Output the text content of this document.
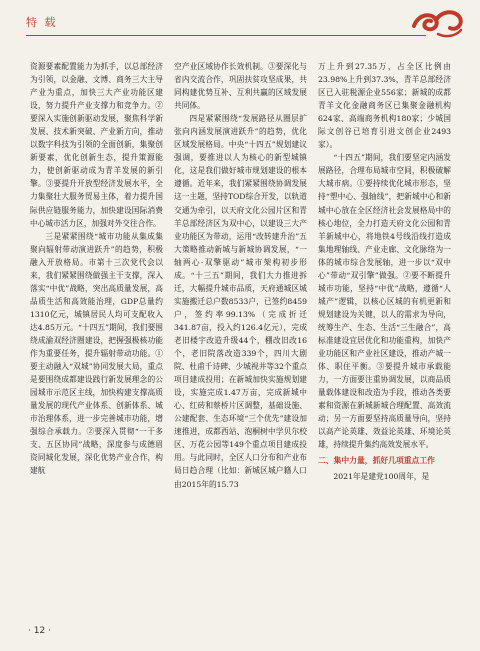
特 载

资源要素配置能力为抓手，以总部经济为引领，以金融、文博、商务三大主导产业为重点，加快三大产业功能区建设，努力提升产业支撑力和竞争力。②要深入实施创新驱动发展，聚焦科学新发展、技术新突破、产业新方向，推动以数字科技为引领的全面创新，集聚创新要素，优化创新生态，提升策源能力，使创新驱动成为青羊发展的新引擎。③要提升开放型经济发展水平，全力集聚壮大服务贸易主体，着力提升国际供应链服务能力，加快建设国际消费中心城市活力区，加强对外交往合作。

三是紧紧围绕“城市功能从集成集聚向辐射带动演进跃升”的趋势，积极融入开放格局。市第十三次党代会以来，我们紧紧围绕做强主干支撑，深入落实“中优”战略，突出高质量发展，高品质生活和高效能治理，GDP总量约1310亿元，城镇居民人均可支配收入达4.85万元。“十四五”期间，我们要围绕成渝双经济圈建设，把握强极核功能作为重要任务，提升辐射带动功能。①要主动融入“双城”协同发展大局，重点是要围绕成都建设践行新发展理念的公园城市示范区主线，加快构建支撑高质量发展的现代产业体系、创新体系、城市治理体系，进一步完善城市功能，增强综合承载力。②要深入贯彻“一干多支、五区协同”战略，深度参与成德眉资同城化发展，深化优势产业合作，构建航

空产业区域协作长效机制。③要深化与省内交流合作，巩固扶贫攻坚成果，共同构建优势互补、互利共赢的区域发展共同体。

四是紧紧围绕“发展路径从圈层扩张向内涵发展演进跃升”的趋势，优化区域发展格局。中央“十四五”规划建议强调，要推进以人为核心的新型城镇化，这是我们做好城市规划建设的根本遵循。近年来，我们紧紧围绕协调发展这一主题，坚持TOD综合开发，以轨道交通为牵引，以天府文化公园片区和青羊总部经济区为双中心，以建设三大产业功能区为带动，运用“改转建升治”五大策略推动新城与新城协调发展，“一轴两心·双擎驱动”城市架构初步形成。“十三五”期间，我们大力推进拆迁，大幅提升城市品质，天府通城区城实施搬迁总户数8533户，已签约8459户，签约率99.13%（完成折迁341.87亩，投入约126.4亿元），完成老旧楼宇改造升级44个，棚改旧改16个，老旧院落改造339个，四川大剧院、杜甫千诗碑、少城视井等32个重点项目建成投用；在新城加快实施规划建设，实施完成1.47万亩，完成新城中心、红砖和蔡桥片区调整，基础设施、公建配套、生态环境“三个优先”建设加速推进，成都西站、泡桐树中学贝尔校区、万花公园等149个重点项目建成投用。与此同时，全区人口分布和产业布局日趋合理（比如：新城区城户籍人口由2015年的15.73

万上升到27.35万，占全区比例由23.98%上升到37.3%，青羊总部经济区已入驻税源企业556家；新城的成都青羊文化金融商务区已集聚金融机构624家、高端商务机构180家；少城国际文创谷已培育引进文创企业2493家）。

“十四五”期间，我们要坚定内涵发展路径，合理布局城市空间，积极破解大城市病。①要持续优化城市形态，坚持“塑中心、强轴线”，把新城中心和新城中心放在全区经济社会发展格局中的核心地位，全力打造天府文化公园和青羊新城中心，将地铁4号线沿线打造成集地理轴线、产业走廊、文化脉络为一体的城市综合发展轴，进一步以“双中心”带动“双引擎”做强。②要不断提升城市功能，坚持“中优”战略，遵循“人城产”逻辑，以核心区城的有机更新和规划建设为关键，以人的需求为导向，统筹生产、生态、生活“三生融合”，高标准建设宜居优化和功能重构，加快产业功能区和产业社区建设，推动产城一体、职住平衡。③要提升城市承载能力，一方面要注重协调发展，以商品质量载体建设和改造为手段，推动各类要素和资源在新城新城合理配置、高效流动；另一方面要坚持高质量导向，坚持以高产论英雄、效益论英雄、环境论英雄，持续提升集约高效发展水平。

二、集中力量，抓好几项重点工作

2021年是建党100周年，是

· 12 ·
